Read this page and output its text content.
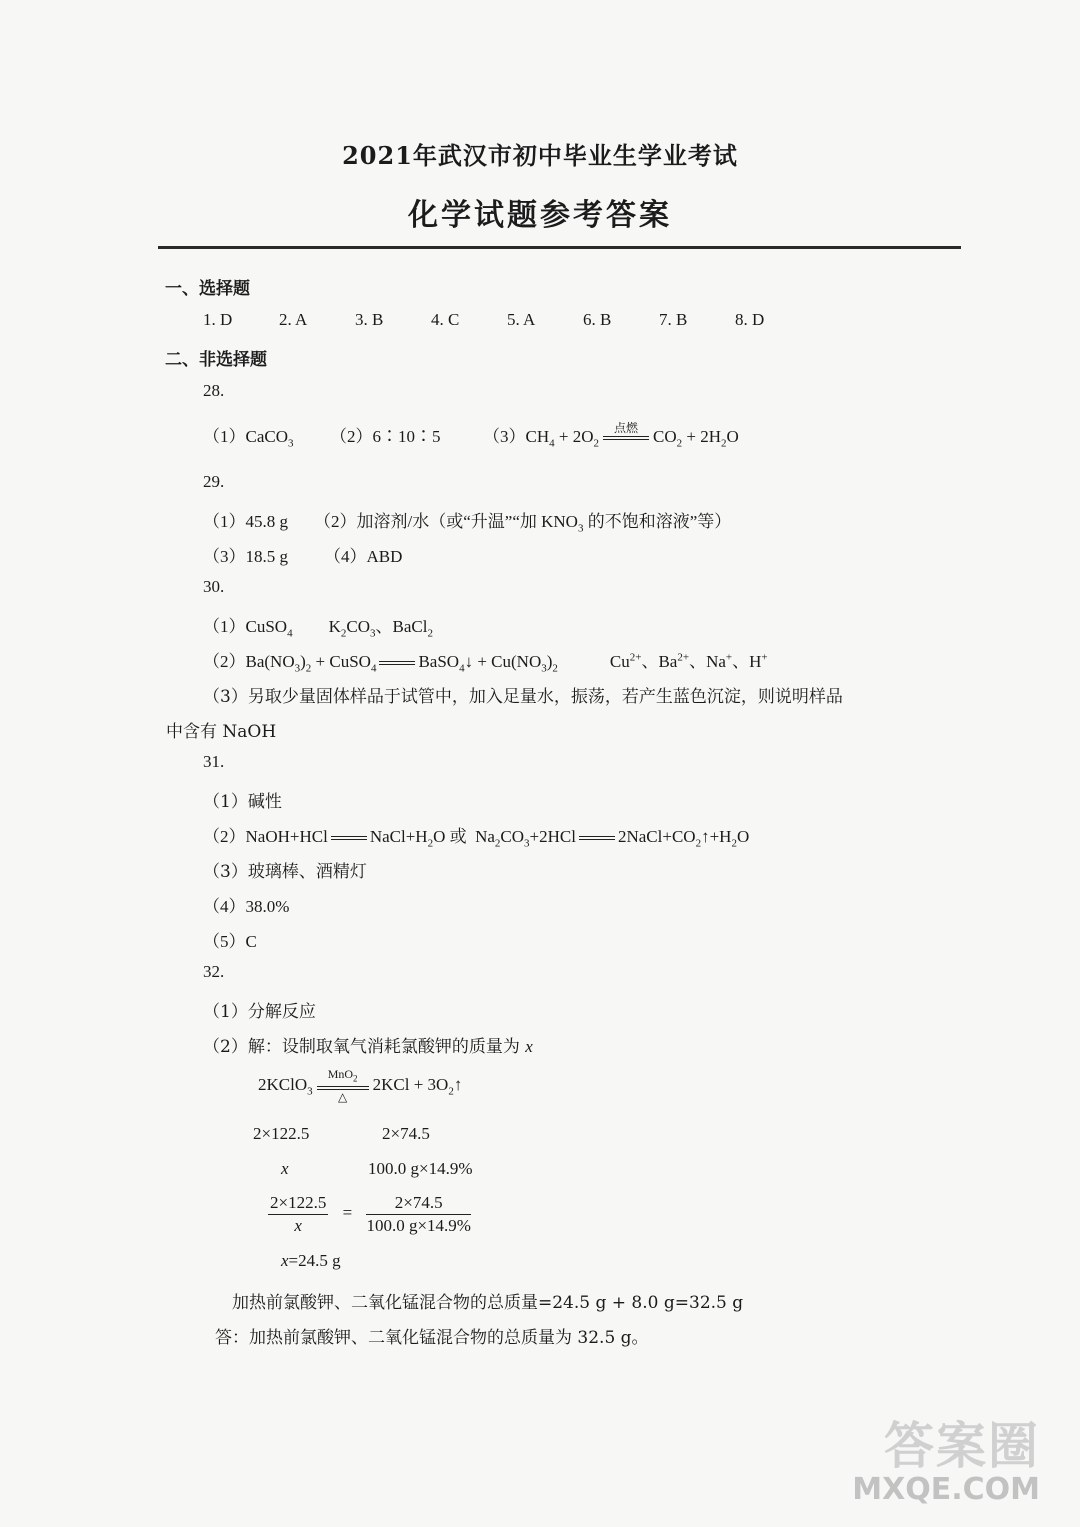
2021年武汉市初中毕业生学业考试
化学试题参考答案
一、选择题
1. D	2. A	3. B	4. C	5. A	6. B	7. B	8. D
二、非选择题
28.
（1）CaCO$_3$ （2）6∶10∶5	$(3)CH_4 + 2O_2$
点燃
$CO_2 + 2H_2O$
29.
（1）45.8 g （2）加溶剂/水（或“升温”“加 $KNO_3$ 的不饱和溶液”等）
（3）18.5 g （4）ABD
30.
（1）CuSO$_4$ $K_2CO_3$、BaCl$_2$
$(2)Ba(NO_3)_2$ + CuSO$_4$ BaSO$_4$↓ + $Cu(NO_3)_2$	$Cu^{2+}$、$Ba^{2+}$、Na+、H+
（3）另取少量固体样品于试管中，加入足量水，振荡，若产生蓝色沉淀，则说明样品
中含有 NaOH
31.
（1）碱性
（2）NaOH+HCl $NaCl+H_2O$ 或  $Na_2CO_3+2HCl$ $2NaCl+CO_2↑+H_2O$
（3）玻璃棒、酒精灯
（4）38.0%
（5）C
32.
（1）分解反应
（2）解：设制取氧气消耗氯酸钾的质量为 x
2KClO$_3$
MnO$_2$
△
$2KCl + 3O_2↑$
2×122.5	2×74.5
x	100.0 g×14.9%
$\frac{2\times 122.5}{x} = \frac{2\times 74.5}{100.0 g\times 14.9\%}$
x=24.5 g
加热前氯酸钾、二氧化锰混合物的总质量=24.5 g + 8.0 g=32.5 g
答：加热前氯酸钾、二氧化锰混合物的总质量为 32.5 g。
答案圈
MXQE.COM
